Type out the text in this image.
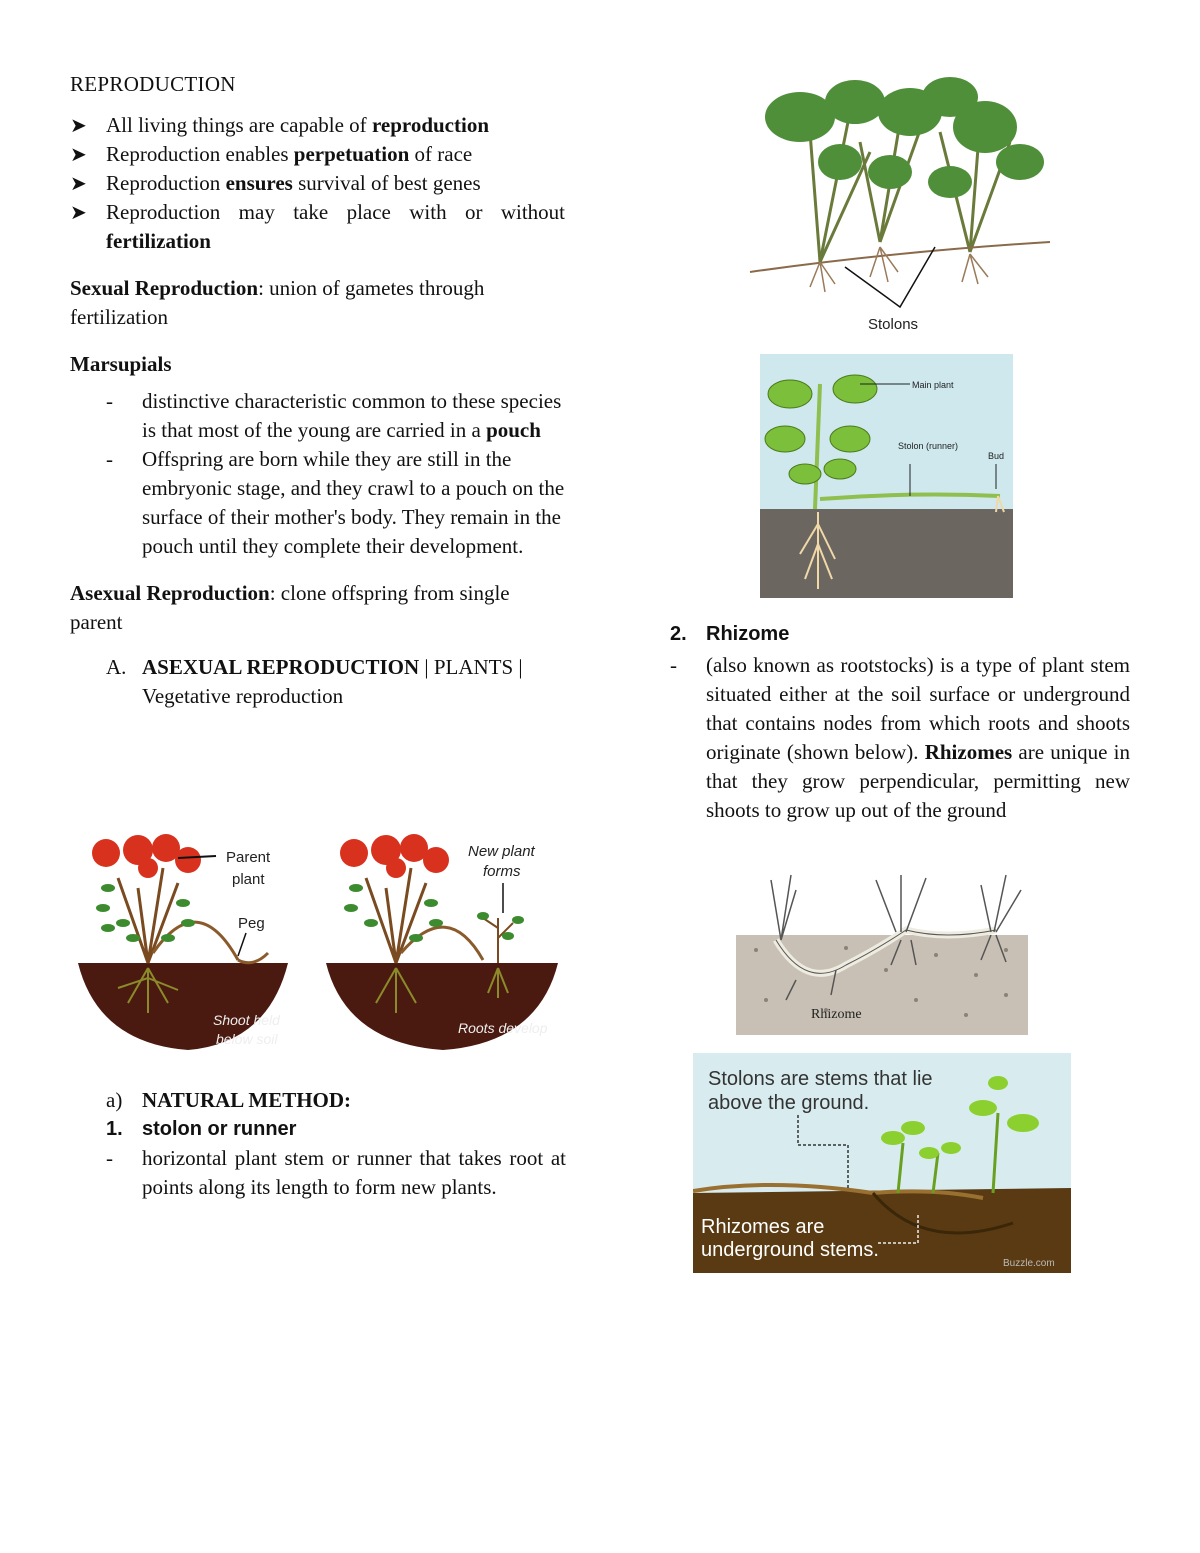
REPRODUCTION
➤ All living things are capable of reproduction
➤ Reproduction enables perpetuation of race
➤ Reproduction ensures survival of best genes
➤ Reproduction may take place with or without fertilization
Sexual Reproduction: union of gametes through fertilization
Marsupials
- distinctive characteristic common to these species is that most of the young are carried in a pouch
- Offspring are born while they are still in the embryonic stage, and they crawl to a pouch on the surface of their mother's body. They remain in the pouch until they complete their development.
Asexual Reproduction: clone offspring from single parent
A. ASEXUAL REPRODUCTION | PLANTS | Vegetative reproduction
Parent
plant
Peg
Shoot held
below soil
New plant
forms
Roots develop
a) NATURAL METHOD:
1. stolon or runner
- horizontal plant stem or runner that takes root at points along its length to form new plants.
Stolons
Main plant
Stolon (runner)
Bud
2. Rhizome
- (also known as rootstocks) is a type of plant stem situated either at the soil surface or underground that contains nodes from which roots and shoots originate (shown below). Rhizomes are unique in that they grow perpendicular, permitting new shoots to grow up out of the ground
Rhizome
Stolons are stems that lie above the ground.
Rhizomes are underground stems.
Buzzle.com
